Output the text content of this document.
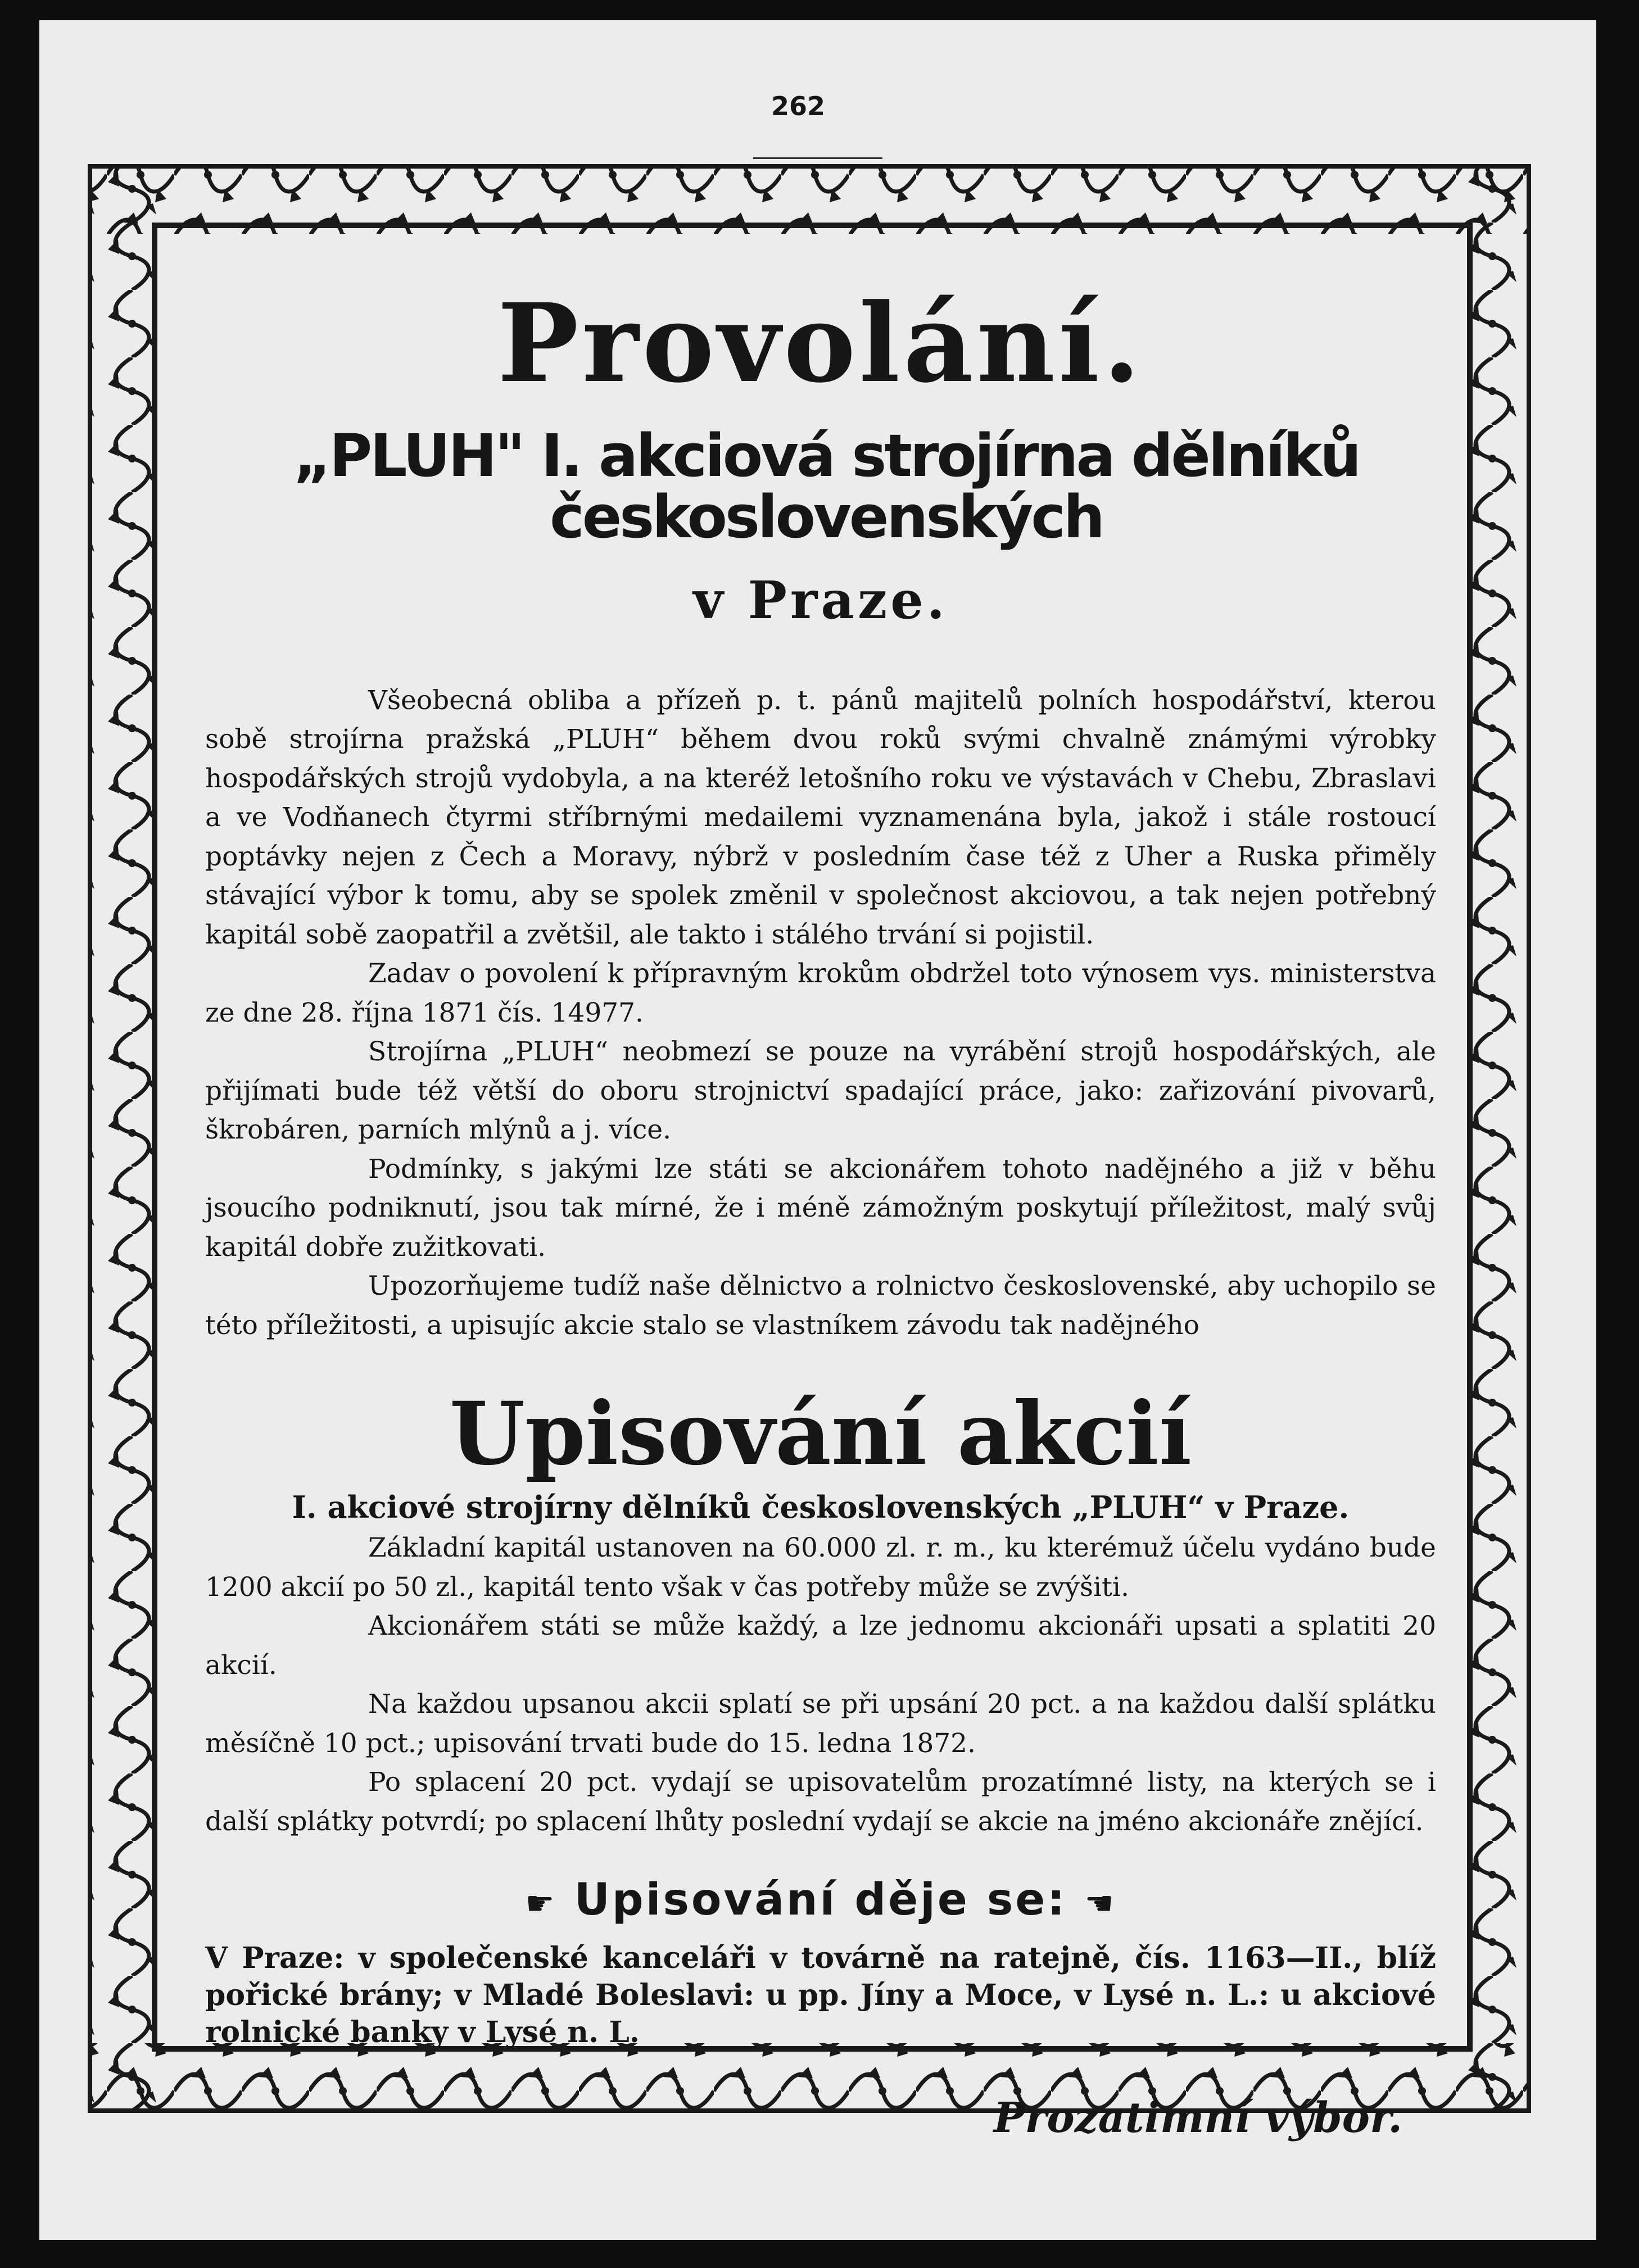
262
Provolání.
„PLUH" I. akciová strojírna dělníků československých
v Praze.

Všeobecná obliba a přízeň p. t. pánů majitelů polních hospodářství, kterou sobě strojírna pražská „PLUH“ během dvou roků svými chvalně známými výrobky hospodářských strojů vydobyla, a na kteréž letošního roku ve výstavách v Chebu, Zbraslavi a ve Vodňanech čtyrmi stříbrnými medailemi vyznamenána byla, jakož i stále rostoucí poptávky nejen z Čech a Moravy, nýbrž v posledním čase též z Uher a Ruska přiměly stávající výbor k tomu, aby se spolek změnil v společnost akciovou, a tak nejen potřebný kapitál sobě zaopatřil a zvětšil, ale takto i stálého trvání si pojistil.

Zadav o povolení k přípravným krokům obdržel toto výnosem vys. ministerstva ze dne 28. října 1871 čís. 14977.

Strojírna „PLUH“ neobmezí se pouze na vyrábění strojů hospodářských, ale přijímati bude též větší do oboru strojnictví spadající práce, jako: zařizování pivovarů, škrobáren, parních mlýnů a j. více.

Podmínky, s jakými lze státi se akcionářem tohoto nadějného a již v běhu jsoucího podniknutí, jsou tak mírné, že i méně zámožným poskytují příležitost, malý svůj kapitál dobře zužitkovati.

Upozorňujeme tudíž naše dělnictvo a rolnictvo československé, aby uchopilo se této příležitosti, a upisujíc akcie stalo se vlastníkem závodu tak nadějného

Upisování akcií
I. akciové strojírny dělníků československých „PLUH“ v Praze.

Základní kapitál ustanoven na 60.000 zl. r. m., ku kterémuž účelu vydáno bude 1200 akcií po 50 zl., kapitál tento však v čas potřeby může se zvýšiti.

Akcionářem státi se může každý, a lze jednomu akcionáři upsati a splatiti 20 akcií.

Na každou upsanou akcii splatí se při upsání 20 pct. a na každou další splátku měsíčně 10 pct.; upisování trvati bude do 15. ledna 1872.

Po splacení 20 pct. vydají se upisovatelům prozatímné listy, na kterých se i další splátky potvrdí; po splacení lhůty poslední vydají se akcie na jméno akcionáře znějící.

☛ Upisování děje se: ☚

V Praze: v společenské kanceláři v továrně na ratejně, čís. 1163—II., blíž pořické brány; v Mladé Boleslavi: u pp. Jíny a Moce, v Lysé n. L.: u akciové rolnické banky v Lysé n. L.

Prozatimní výbor.
